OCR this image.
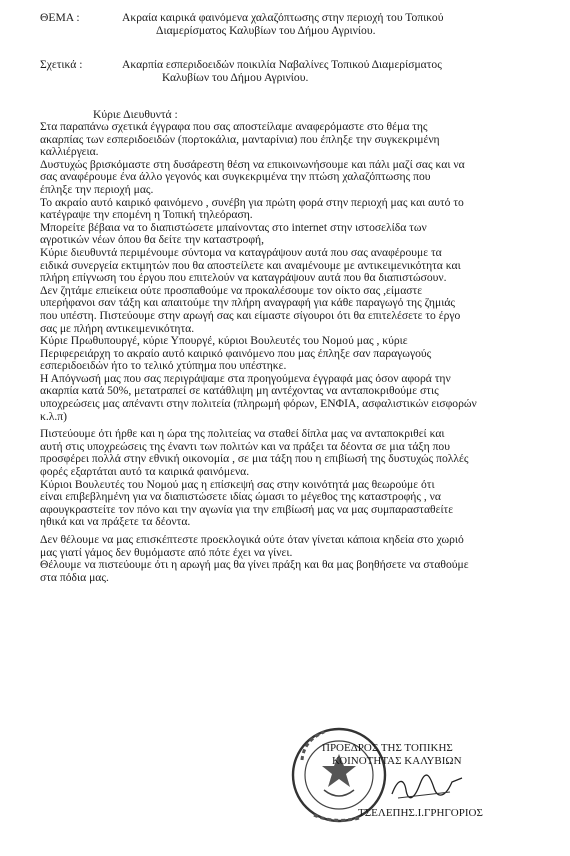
ΘΕΜΑ :	Ακραία καιρικά φαινόμενα χαλαζόπτωσης στην περιοχή του Τοπικού
Διαμερίσματος Καλυβίων του Δήμου Αγρινίου.
Σχετικά :	Ακαρπία εσπεριδοειδών ποικιλία Ναβαλίνες Τοπικού Διαμερίσματος
Καλυβίων του Δήμου Αγρινίου.
Κύριε Διευθυντά :

Στα παραπάνω σχετικά έγγραφα που σας αποστείλαμε αναφερόμαστε στο θέμα της
ακαρπίας των εσπεριδοειδών (πορτοκάλια, μανταρίνια) που έπληξε την συγκεκριμένη
καλλιέργεια.

Δυστυχώς βρισκόμαστε στη δυσάρεστη θέση να επικοινωνήσουμε και πάλι μαζί σας και να
σας αναφέρουμε ένα άλλο γεγονός και συγκεκριμένα την πτώση χαλαζόπτωσης που
έπληξε την περιοχή μας.

Το ακραίο αυτό καιρικό φαινόμενο , συνέβη για πρώτη φορά στην περιοχή μας και αυτό το
κατέγραψε την επομένη η Τοπική τηλεόραση.

Μπορείτε βέβαια να το διαπιστώσετε μπαίνοντας στο internet στην ιστοσελίδα των
αγροτικών νέων όπου θα δείτε την καταστροφή,

Κύριε διευθυντά περιμένουμε σύντομα να καταγράψουν αυτά που σας αναφέρουμε τα
ειδικά συνεργεία εκτιμητών που θα αποστείλετε και αναμένουμε με αντικειμενικότητα και
πλήρη επίγνωση του έργου που επιτελούν να καταγράψουν αυτά που θα διαπιστώσουν.

Δεν ζητάμε επιείκεια ούτε προσπαθούμε να προκαλέσουμε τον οίκτο σας ,είμαστε
υπερήφανοι σαν τάξη και απαιτούμε την πλήρη αναγραφή για κάθε παραγωγό της ζημιάς
που υπέστη. Πιστεύουμε στην αρωγή σας και είμαστε σίγουροι ότι θα επιτελέσετε το έργο
σας με πλήρη αντικειμενικότητα.

Κύριε Πρωθυπουργέ, κύριε Υπουργέ, κύριοι Βουλευτές του Νομού μας , κύριε
Περιφερειάρχη το ακραίο αυτό καιρικό φαινόμενο που μας έπληξε σαν παραγωγούς
εσπεριδοειδών ήτο το τελικό χτύπημα που υπέστηκε.

Η Απόγνωσή μας που σας περιγράψαμε στα προηγούμενα έγγραφά μας όσον αφορά την
ακαρπία κατά 50%, μετατραπεί σε κατάθλιψη μη αντέχοντας να ανταποκριθούμε στις
υποχρεώσεις μας απέναντι στην πολιτεία (πληρωμή φόρων, ΕΝΦΙΑ, ασφαλιστικών εισφορών
κ.λ.π)

Πιστεύουμε ότι ήρθε και η ώρα της πολιτείας να σταθεί δίπλα μας να ανταποκριθεί και
αυτή στις υποχρεώσεις της έναντι των πολιτών και να πράξει τα δέοντα σε μια τάξη που
προσφέρει πολλά στην εθνική οικονομία , σε μια τάξη που η επιβίωσή της δυστυχώς πολλές
φορές εξαρτάται αυτό τα καιρικά φαινόμενα.

Κύριοι Βουλευτές του Νομού μας η επίσκεψή σας στην κοινότητά μας θεωρούμε ότι
είναι επιβεβλημένη για να διαπιστώσετε ιδίας ώμασι το μέγεθος της καταστροφής , να
αφουγκραστείτε τον πόνο και την αγωνία για την επιβίωσή μας να μας συμπαρασταθείτε
ηθικά και να πράξετε τα δέοντα.

Δεν θέλουμε να μας επισκέπτεστε προεκλογικά ούτε όταν γίνεται κάποια κηδεία στο χωριό
μας γιατί γάμος δεν θυμόμαστε από πότε έχει να γίνει.

Θέλουμε να πιστεύουμε ότι η αρωγή μας θα γίνει πράξη και θα μας βοηθήσετε να σταθούμε
στα πόδια μας.

ΠΡΟΕΔΡΟΣ ΤΗΣ ΤΟΠΙΚΗΣ
ΚΟΙΝΟΤΗΤΑΣ ΚΑΛΥΒΙΩΝ
ΤΣΕΛΕΠΗΣ.Ι.ΓΡΗΓΟΡΙΟΣ
